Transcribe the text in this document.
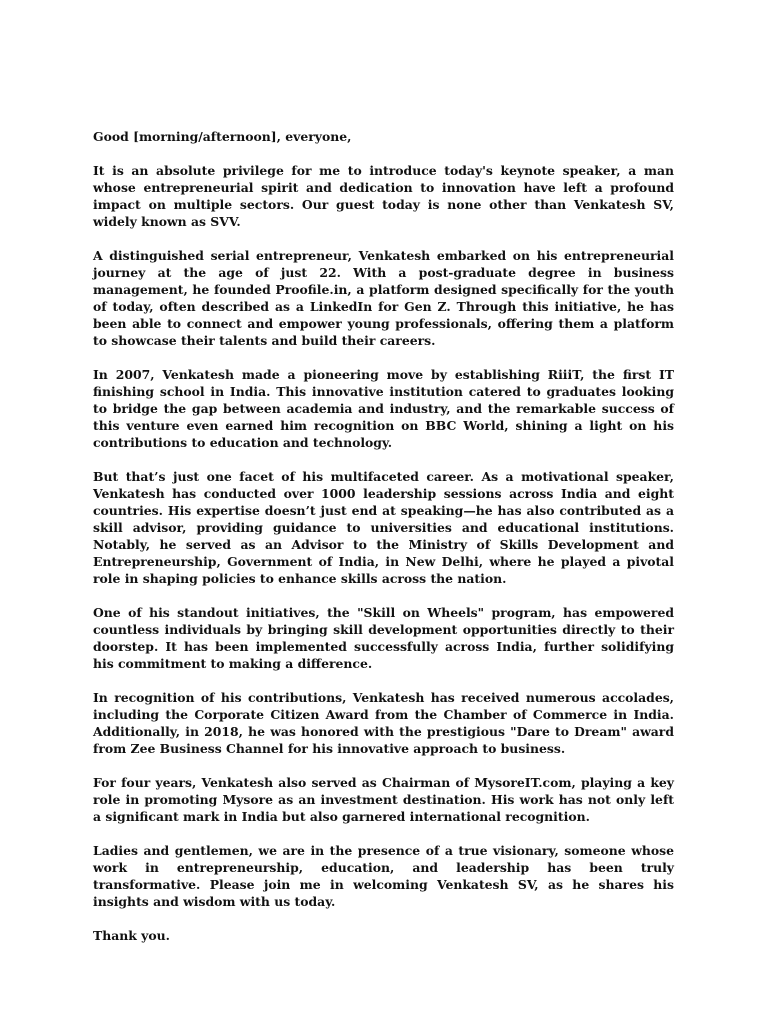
Good [morning/afternoon], everyone,

It is an absolute privilege for me to introduce today's keynote speaker, a man whose entrepreneurial spirit and dedication to innovation have left a profound impact on multiple sectors. Our guest today is none other than Venkatesh SV, widely known as SVV.

A distinguished serial entrepreneur, Venkatesh embarked on his entrepreneurial journey at the age of just 22. With a post-graduate degree in business management, he founded Proofile.in, a platform designed specifically for the youth of today, often described as a LinkedIn for Gen Z. Through this initiative, he has been able to connect and empower young professionals, offering them a platform to showcase their talents and build their careers.

In 2007, Venkatesh made a pioneering move by establishing RiiiT, the first IT finishing school in India. This innovative institution catered to graduates looking to bridge the gap between academia and industry, and the remarkable success of this venture even earned him recognition on BBC World, shining a light on his contributions to education and technology.

But that’s just one facet of his multifaceted career. As a motivational speaker, Venkatesh has conducted over 1000 leadership sessions across India and eight countries. His expertise doesn’t just end at speaking—he has also contributed as a skill advisor, providing guidance to universities and educational institutions. Notably, he served as an Advisor to the Ministry of Skills Development and Entrepreneurship, Government of India, in New Delhi, where he played a pivotal role in shaping policies to enhance skills across the nation.

One of his standout initiatives, the "Skill on Wheels" program, has empowered countless individuals by bringing skill development opportunities directly to their doorstep. It has been implemented successfully across India, further solidifying his commitment to making a difference.

In recognition of his contributions, Venkatesh has received numerous accolades, including the Corporate Citizen Award from the Chamber of Commerce in India. Additionally, in 2018, he was honored with the prestigious "Dare to Dream" award from Zee Business Channel for his innovative approach to business.

For four years, Venkatesh also served as Chairman of MysoreIT.com, playing a key role in promoting Mysore as an investment destination. His work has not only left a significant mark in India but also garnered international recognition.

Ladies and gentlemen, we are in the presence of a true visionary, someone whose work in entrepreneurship, education, and leadership has been truly transformative. Please join me in welcoming Venkatesh SV, as he shares his insights and wisdom with us today.

Thank you.
